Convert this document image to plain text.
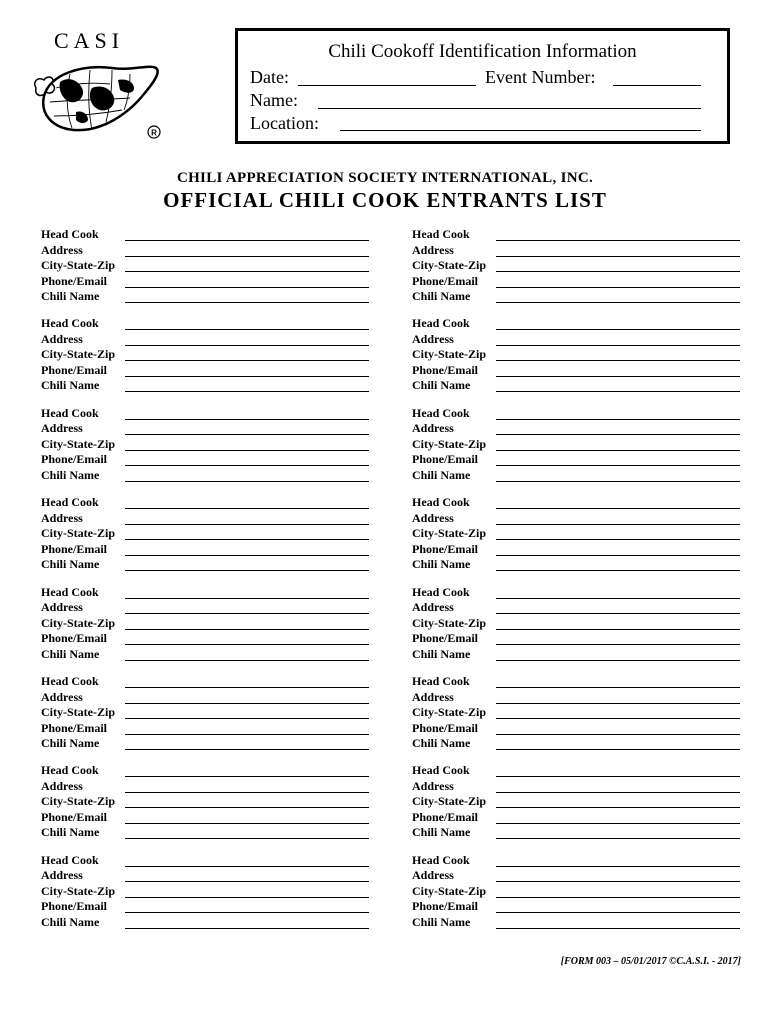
CASI
R
Chili Cookoff Identification Information
Date:	Event Number:
Name:
Location:
CHILI APPRECIATION SOCIETY INTERNATIONAL, INC.
OFFICIAL CHILI COOK ENTRANTS LIST
Head Cook
Address
City-State-Zip
Phone/Email
Chili Name
Head Cook
Address
City-State-Zip
Phone/Email
Chili Name
Head Cook
Address
City-State-Zip
Phone/Email
Chili Name
Head Cook
Address
City-State-Zip
Phone/Email
Chili Name
Head Cook
Address
City-State-Zip
Phone/Email
Chili Name
Head Cook
Address
City-State-Zip
Phone/Email
Chili Name
Head Cook
Address
City-State-Zip
Phone/Email
Chili Name
Head Cook
Address
City-State-Zip
Phone/Email
Chili Name
Head Cook
Address
City-State-Zip
Phone/Email
Chili Name
Head Cook
Address
City-State-Zip
Phone/Email
Chili Name
Head Cook
Address
City-State-Zip
Phone/Email
Chili Name
Head Cook
Address
City-State-Zip
Phone/Email
Chili Name
Head Cook
Address
City-State-Zip
Phone/Email
Chili Name
Head Cook
Address
City-State-Zip
Phone/Email
Chili Name
Head Cook
Address
City-State-Zip
Phone/Email
Chili Name
Head Cook
Address
City-State-Zip
Phone/Email
Chili Name
[FORM 003 – 05/01/2017 ©C.A.S.I. - 2017]
